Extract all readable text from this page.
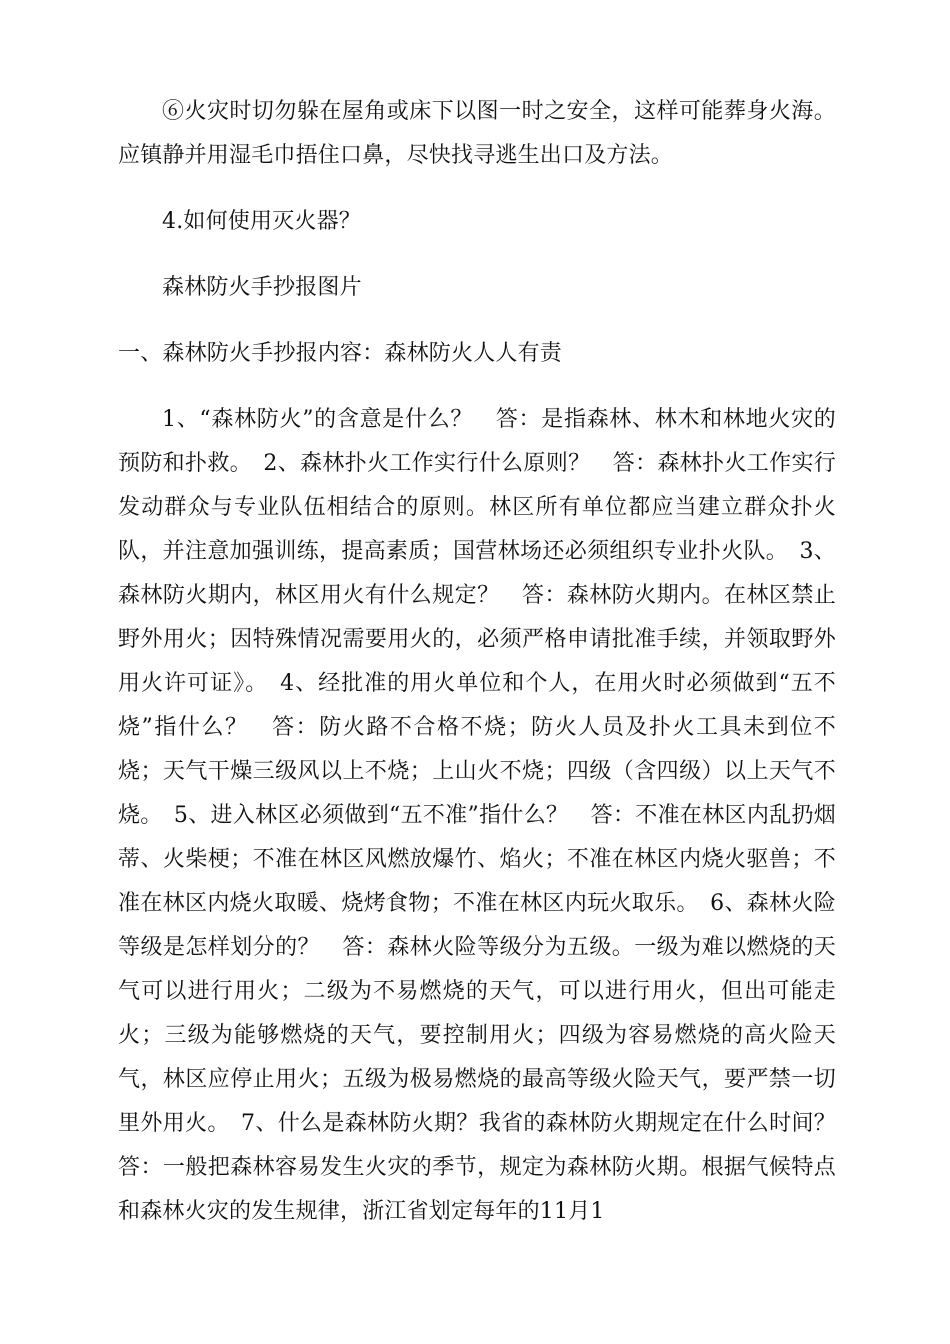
⑥火灾时切勿躲在屋角或床下以图一时之安全，这样可能葬身火海。应镇静并用湿毛巾捂住口鼻，尽快找寻逃生出口及方法。

4.如何使用灭火器？

森林防火手抄报图片

一、森林防火手抄报内容：森林防火人人有责

1、“森林防火”的含意是什么？　答：是指森林、林木和林地火灾的预防和扑救。　2、森林扑火工作实行什么原则？　答：森林扑火工作实行发动群众与专业队伍相结合的原则。林区所有单位都应当建立群众扑火队，并注意加强训练，提高素质；国营林场还必须组织专业扑火队。　3、森林防火期内，林区用火有什么规定？　答：森林防火期内。在林区禁止野外用火；因特殊情况需要用火的，必须严格申请批准手续，并领取野外用火许可证》。　4、经批准的用火单位和个人，在用火时必须做到“五不烧”指什么？　答：防火路不合格不烧；防火人员及扑火工具未到位不烧；天气干燥三级风以上不烧；上山火不烧；四级（含四级）以上天气不烧。　5、进入林区必须做到“五不准”指什么？　答：不准在林区内乱扔烟蒂、火柴梗；不准在林区风燃放爆竹、焰火；不准在林区内烧火驱兽；不准在林区内烧火取暖、烧烤食物；不准在林区内玩火取乐。　6、森林火险等级是怎样划分的？　答：森林火险等级分为五级。一级为难以燃烧的天气可以进行用火；二级为不易燃烧的天气，可以进行用火，但出可能走火；三级为能够燃烧的天气，要控制用火；四级为容易燃烧的高火险天气，林区应停止用火；五级为极易燃烧的最高等级火险天气，要严禁一切里外用火。　7、什么是森林防火期？我省的森林防火期规定在什么时间？　答：一般把森林容易发生火灾的季节，规定为森林防火期。根据气候特点和森林火灾的发生规律，浙江省划定每年的11月1
